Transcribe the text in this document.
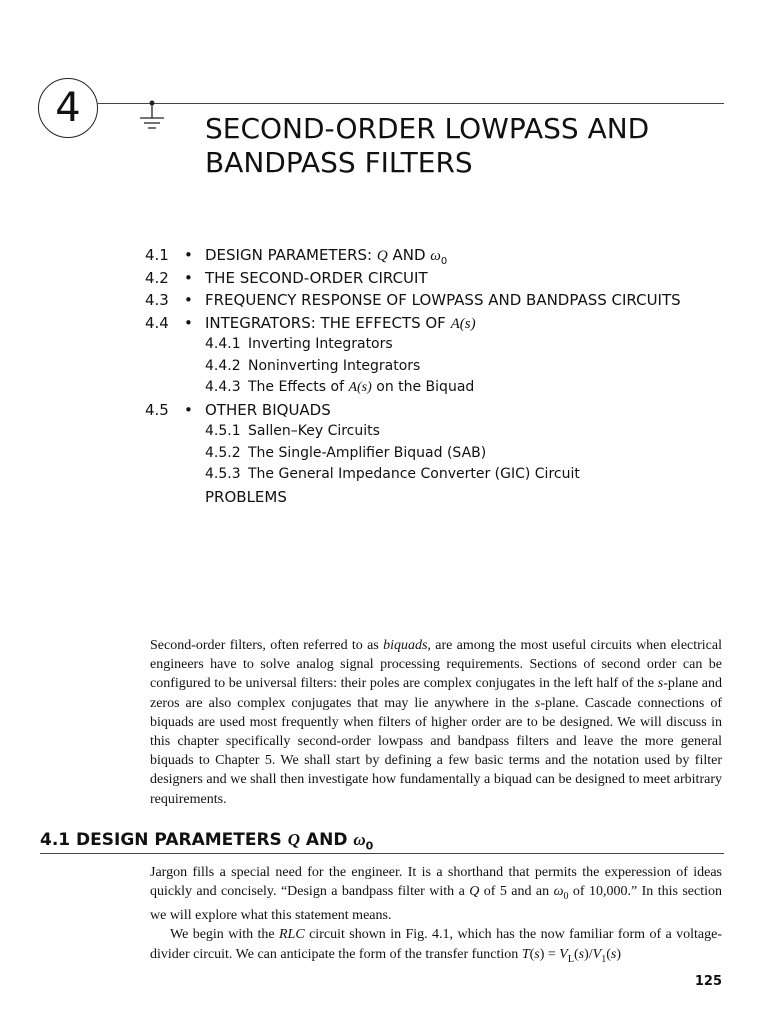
4	SECOND-ORDER LOWPASS AND
BANDPASS FILTERS
4.1 • DESIGN PARAMETERS: Q AND $\omega_0$
4.2 • THE SECOND-ORDER CIRCUIT
4.3 • FREQUENCY RESPONSE OF LOWPASS AND BANDPASS CIRCUITS
4.4 • INTEGRATORS: THE EFFECTS OF A(s)
4.4.1 Inverting Integrators
4.4.2 Noninverting Integrators
4.4.3 The Effects of A(s) on the Biquad
4.5 • OTHER BIQUADS
4.5.1 Sallen–Key Circuits
4.5.2 The Single-Amplifier Biquad (SAB)
4.5.3 The General Impedance Converter (GIC) Circuit
PROBLEMS

Second-order filters, often referred to as biquads, are among the most useful circuits when electrical engineers have to solve analog signal processing requirements. Sections of second order can be configured to be universal filters: their poles are complex conjugates in the left half of the s-plane and zeros are also complex conjugates that may lie anywhere in the s-plane. Cascade connections of biquads are used most frequently when filters of higher order are to be designed. We will discuss in this chapter specifically second-order lowpass and bandpass filters and leave the more general biquads to Chapter 5. We shall start by defining a few basic terms and the notation used by filter designers and we shall then investigate how fundamentally a biquad can be designed to meet arbitrary requirements.

4.1 DESIGN PARAMETERS Q AND $\omega_0$

Jargon fills a special need for the engineer. It is a shorthand that permits the experession of ideas quickly and concisely. “Design a bandpass filter with a Q of 5 and an $\omega_0$ of 10,000.” In this section we will explore what this statement means.

We begin with the RLC circuit shown in Fig. 4.1, which has the now familiar form of a voltage-divider circuit. We can anticipate the form of the transfer function $T(s) = V_L(s)/V_1(s)$

125
